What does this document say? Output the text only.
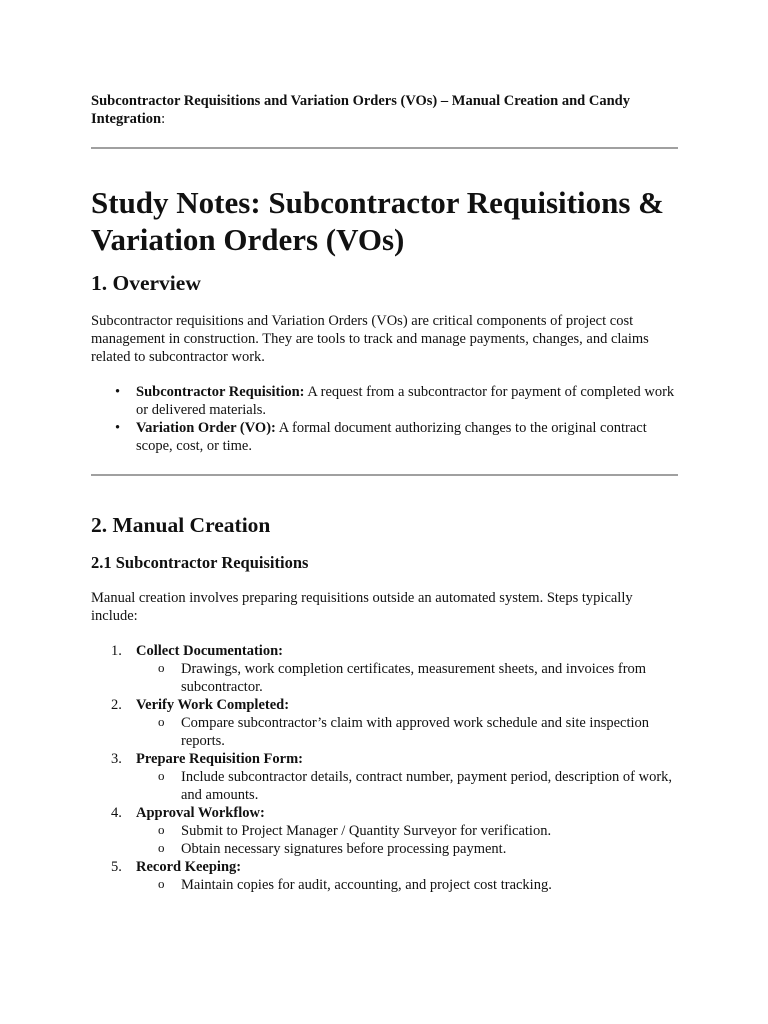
Subcontractor Requisitions and Variation Orders (VOs) – Manual Creation and Candy Integration:

Study Notes: Subcontractor Requisitions & Variation Orders (VOs)
1. Overview

Subcontractor requisitions and Variation Orders (VOs) are critical components of project cost management in construction. They are tools to track and manage payments, changes, and claims related to subcontractor work.

• Subcontractor Requisition: A request from a subcontractor for payment of completed work or delivered materials.
• Variation Order (VO): A formal document authorizing changes to the original contract scope, cost, or time.
2. Manual Creation
2.1 Subcontractor Requisitions

Manual creation involves preparing requisitions outside an automated system. Steps typically include:

1. Collect Documentation:
o Drawings, work completion certificates, measurement sheets, and invoices from subcontractor.
2. Verify Work Completed:
o Compare subcontractor’s claim with approved work schedule and site inspection reports.
3. Prepare Requisition Form:
o Include subcontractor details, contract number, payment period, description of work, and amounts.
4. Approval Workflow:
o Submit to Project Manager / Quantity Surveyor for verification.
o Obtain necessary signatures before processing payment.
5. Record Keeping:
o Maintain copies for audit, accounting, and project cost tracking.
